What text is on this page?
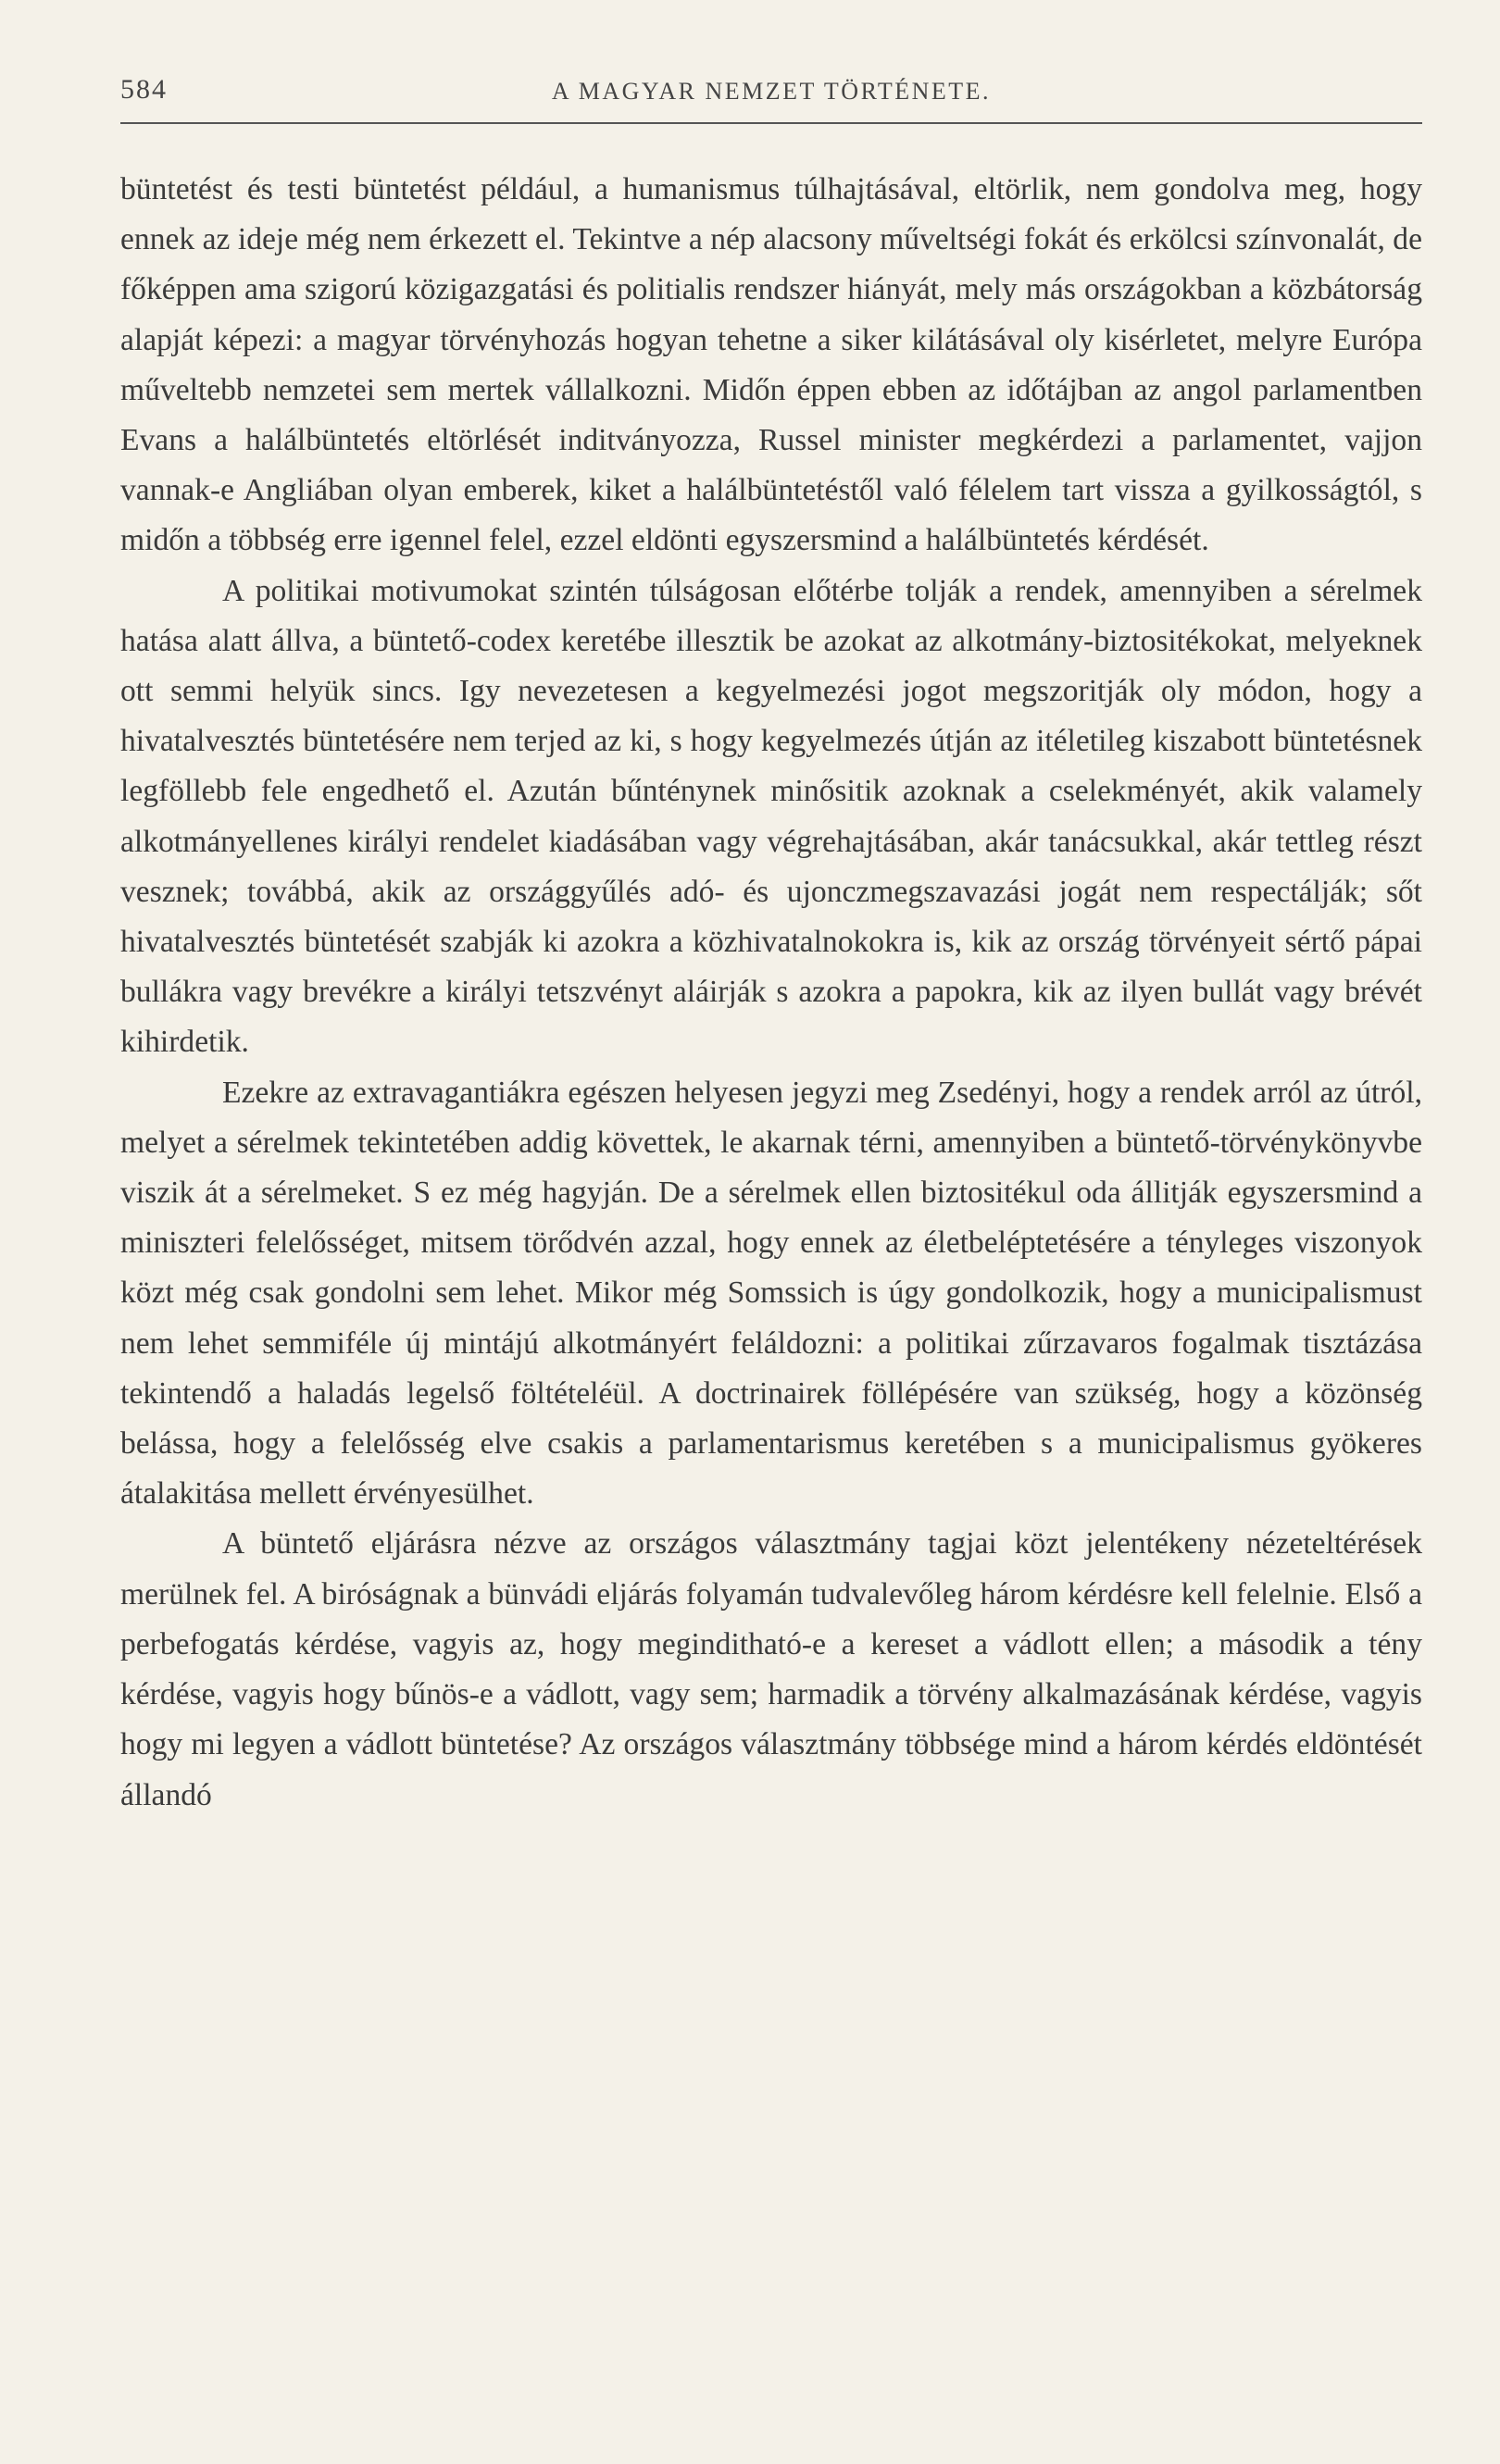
584	A MAGYAR NEMZET TÖRTÉNETE.

büntetést és testi büntetést például, a humanismus túlhajtásával, eltörlik, nem gondolva meg, hogy ennek az ideje még nem érkezett el. Tekintve a nép alacsony műveltségi fokát és erkölcsi színvonalát, de főképpen ama szigorú közigazgatási és politialis rendszer hiányát, mely más országokban a közbátorság alapját képezi: a magyar törvényhozás hogyan tehetne a siker kilátásával oly kisérletet, melyre Európa műveltebb nemzetei sem mertek vállalkozni. Midőn éppen ebben az időtájban az angol parlamentben Evans a halálbüntetés eltörlését inditványozza, Russel minister megkérdezi a parlamentet, vajjon vannak-e Angliában olyan emberek, kiket a halálbüntetéstől való félelem tart vissza a gyilkosságtól, s midőn a többség erre igennel felel, ezzel eldönti egyszersmind a halálbüntetés kérdését.

A politikai motivumokat szintén túlságosan előtérbe tolják a rendek, amennyiben a sérelmek hatása alatt állva, a büntető-codex keretébe illesztik be azokat az alkotmány-biztositékokat, melyeknek ott semmi helyük sincs. Igy nevezetesen a kegyelmezési jogot megszoritják oly módon, hogy a hivatalvesztés büntetésére nem terjed az ki, s hogy kegyelmezés útján az itéletileg kiszabott büntetésnek legföllebb fele engedhető el. Azután bűnténynek minősitik azoknak a cselekményét, akik valamely alkotmányellenes királyi rendelet kiadásában vagy végrehajtásában, akár tanácsukkal, akár tettleg részt vesznek; továbbá, akik az országgyűlés adó- és ujonczmegszavazási jogát nem respectálják; sőt hivatalvesztés büntetését szabják ki azokra a közhivatalnokokra is, kik az ország törvényeit sértő pápai bullákra vagy brevékre a királyi tetszvényt aláirják s azokra a papokra, kik az ilyen bullát vagy brévét kihirdetik.

Ezekre az extravagantiákra egészen helyesen jegyzi meg Zsedényi, hogy a rendek arról az útról, melyet a sérelmek tekintetében addig követtek, le akarnak térni, amennyiben a büntető-törvénykönyvbe viszik át a sérelmeket. S ez még hagyján. De a sérelmek ellen biztositékul oda állitják egyszersmind a miniszteri felelősséget, mitsem törődvén azzal, hogy ennek az életbeléptetésére a tényleges viszonyok közt még csak gondolni sem lehet. Mikor még Somssich is úgy gondolkozik, hogy a municipalismust nem lehet semmiféle új mintájú alkotmányért feláldozni: a politikai zűrzavaros fogalmak tisztázása tekintendő a haladás legelső föltételéül. A doctrinairek föllépésére van szükség, hogy a közönség belássa, hogy a felelősség elve csakis a parlamentarismus keretében s a municipalismus gyökeres átalakitása mellett érvényesülhet.

A büntető eljárásra nézve az országos választmány tagjai közt jelentékeny nézeteltérések merülnek fel. A biróságnak a bünvádi eljárás folyamán tudvalevőleg három kérdésre kell felelnie. Első a perbefogatás kérdése, vagyis az, hogy meginditható-e a kereset a vádlott ellen; a második a tény kérdése, vagyis hogy bűnös-e a vádlott, vagy sem; harmadik a törvény alkalmazásának kérdése, vagyis hogy mi legyen a vádlott büntetése? Az országos választmány többsége mind a három kérdés eldöntését állandó
